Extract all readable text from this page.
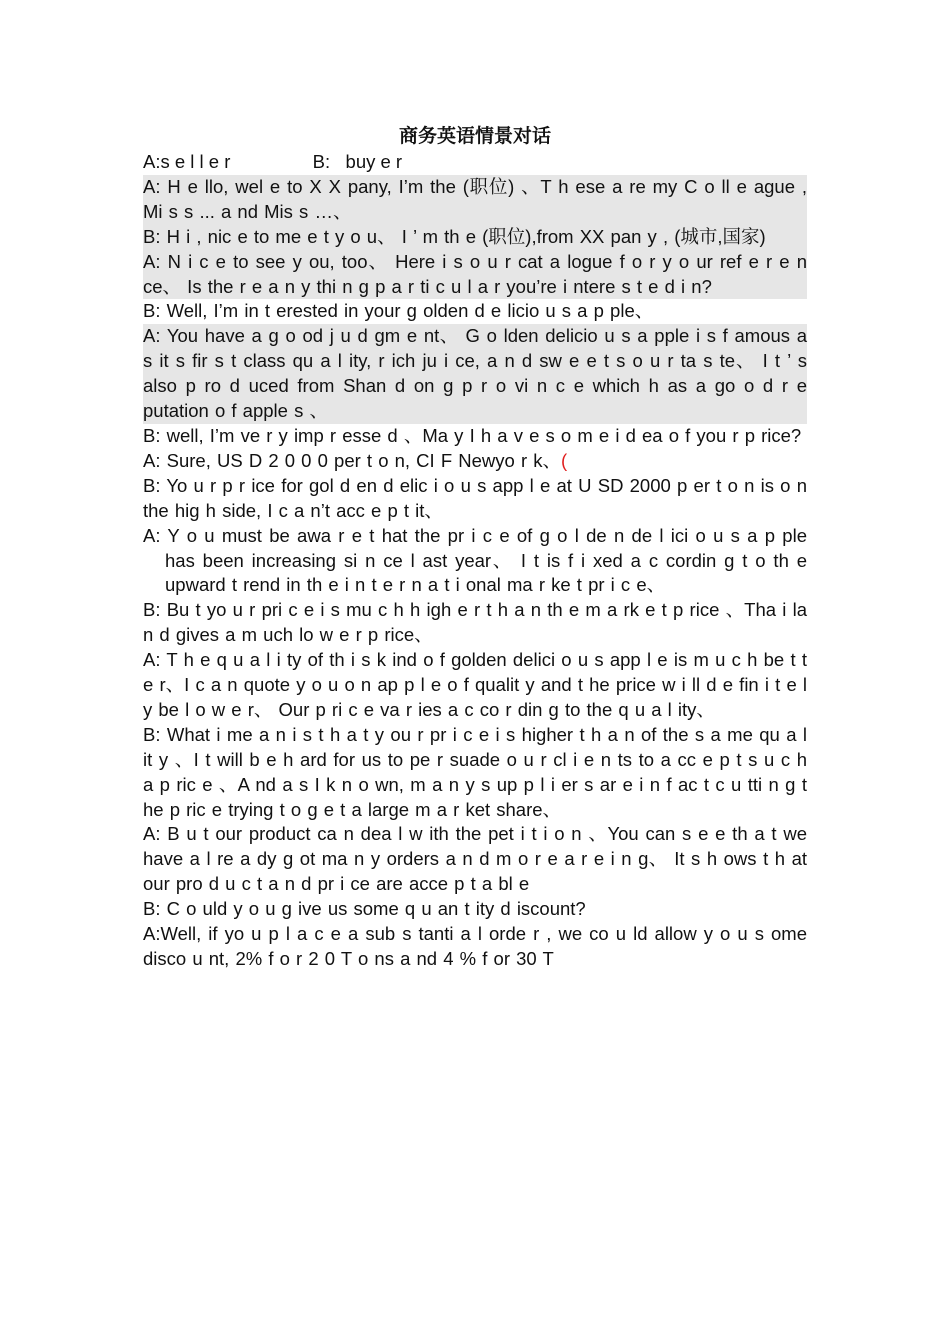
商务英语情景对话
A:s e l l e r	B:   buy e r
A: H e llo, wel e to X X pany, I’m the (职位) 、T h ese a re my C o ll e ague , Mi s s ... a nd Mis s …、
B: H i , nic e to me e t y o u、 I ’ m th e (职位),from XX pan y , (城市,国家)
A: N i c e to see y ou, too、 Here i s o u r cat a logue f o r y o ur ref e r e n ce、 Is the r e a n y thi n g p a r ti c u l a r you’re i ntere s t e d i n?
B: Well, I’m in t erested in your g olden d e licio u s a p ple、
A: You have a g o od j u d gm e nt、 G o lden delicio u s a pple i s f amous a s it s fir s t class qu a l ity, r ich ju i ce, a n d sw e e t s o u r ta s te、 I t ’ s also p ro d uced from Shan d on g p r o vi n c e which h as a go o d r e putation o f apple s 、
B: well, I’m ve r y imp r esse d 、Ma y I h a v e s o m e i d ea o f you r p rice?
A: Sure, US D 2 0 0 0 per t o n, CI F Newyo r k、(
B: Yo u r p r ice for gol d en d elic i o u s app l e at U SD 2000 p er t o n is o n the hig h side, I c a n’t acc e p t it、
A: Y o u must be awa r e t hat the pr i c e of g o l de n de l ici o u s a p ple has been increasing si n ce l ast year、 I t is f i xed a c cordin g t o th e upward t rend in th e i n t e r n a t i onal ma r ke t pr i c e、
B: Bu t yo u r pri c e i s mu c h h igh e r t h a n th e m a rk e t p rice 、Tha i la n d gives a m uch lo w e r p rice、
A: T h e q u a l i ty of th i s k ind o f golden delici o u s app l e is m u c h be t t e r、I c a n quote y o u o n ap p l e o f qualit y and t he price w i ll d e fin i t e l y be l o w e r、 Our p ri c e va r ies a c co r din g to the q u a l ity、
B: What i me a n i s t h a t y ou r pr i c e i s higher t h a n of the s a me qu a l it y 、I t will b e h ard for us to pe r suade o u r cl i e n ts to a cc e p t s u c h a p ric e 、A nd a s I k n o wn, m a n y s up p l i er s ar e i n f ac t c u tti n g t he p ric e trying t o g e t a large m a r ket share、
A: B u t our product ca n dea l w ith the pet i t i o n 、You can s e e th a t we have a l re a dy g ot ma n y orders a n d m o r e a r e i n g、 It s h ows t h at our pro d u c t a n d pr i ce are acce p t a bl e
B: C o uld y o u g ive us some q u an t ity d iscount?
A:Well, if yo u p l a c e a sub s tanti a l orde r , we co u ld allow y o u s ome disco u nt, 2% f o r 2 0 T o ns a nd 4 % f or 30 T
